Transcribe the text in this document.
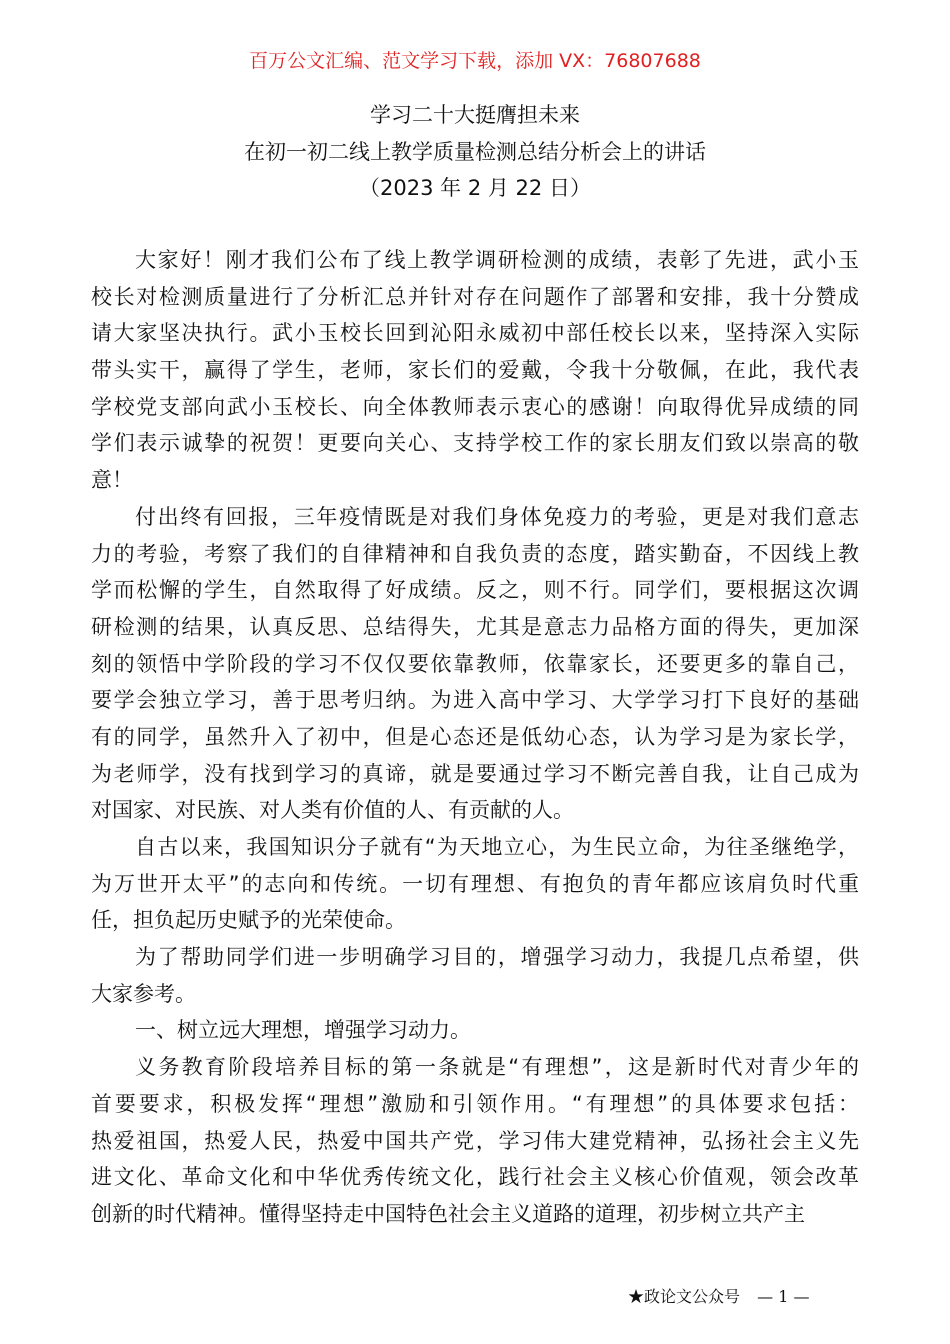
百万公文汇编、范文学习下载，添加 VX：76807688
学习二十大挺膺担未来
在初一初二线上教学质量检测总结分析会上的讲话
（2023 年 2 月 22 日）
大家好！刚才我们公布了线上教学调研检测的成绩，表彰了先进，武小玉
校长对检测质量进行了分析汇总并针对存在问题作了部署和安排，我十分赞成
请大家坚决执行。武小玉校长回到沁阳永威初中部任校长以来，坚持深入实际
带头实干，赢得了学生，老师，家长们的爱戴，令我十分敬佩，在此，我代表
学校党支部向武小玉校长、向全体教师表示衷心的感谢！向取得优异成绩的同
学们表示诚挚的祝贺！更要向关心、支持学校工作的家长朋友们致以崇高的敬
意！
付出终有回报，三年疫情既是对我们身体免疫力的考验，更是对我们意志
力的考验，考察了我们的自律精神和自我负责的态度，踏实勤奋，不因线上教
学而松懈的学生，自然取得了好成绩。反之，则不行。同学们，要根据这次调
研检测的结果，认真反思、总结得失，尤其是意志力品格方面的得失，更加深
刻的领悟中学阶段的学习不仅仅要依靠教师，依靠家长，还要更多的靠自己，
要学会独立学习，善于思考归纳。为进入高中学习、大学学习打下良好的基础
有的同学，虽然升入了初中，但是心态还是低幼心态，认为学习是为家长学，
为老师学，没有找到学习的真谛，就是要通过学习不断完善自我，让自己成为
对国家、对民族、对人类有价值的人、有贡献的人。
自古以来，我国知识分子就有“为天地立心，为生民立命，为往圣继绝学，
为万世开太平”的志向和传统。一切有理想、有抱负的青年都应该肩负时代重
任，担负起历史赋予的光荣使命。
为了帮助同学们进一步明确学习目的，增强学习动力，我提几点希望，供
大家参考。
一、树立远大理想，增强学习动力。
义务教育阶段培养目标的第一条就是“有理想”，这是新时代对青少年的
首要要求，积极发挥“理想”激励和引领作用。“有理想”的具体要求包括：
热爱祖国，热爱人民，热爱中国共产党，学习伟大建党精神，弘扬社会主义先
进文化、革命文化和中华优秀传统文化，践行社会主义核心价值观，领会改革
创新的时代精神。懂得坚持走中国特色社会主义道路的道理，初步树立共产主
★政论文公众号 — 1 —
